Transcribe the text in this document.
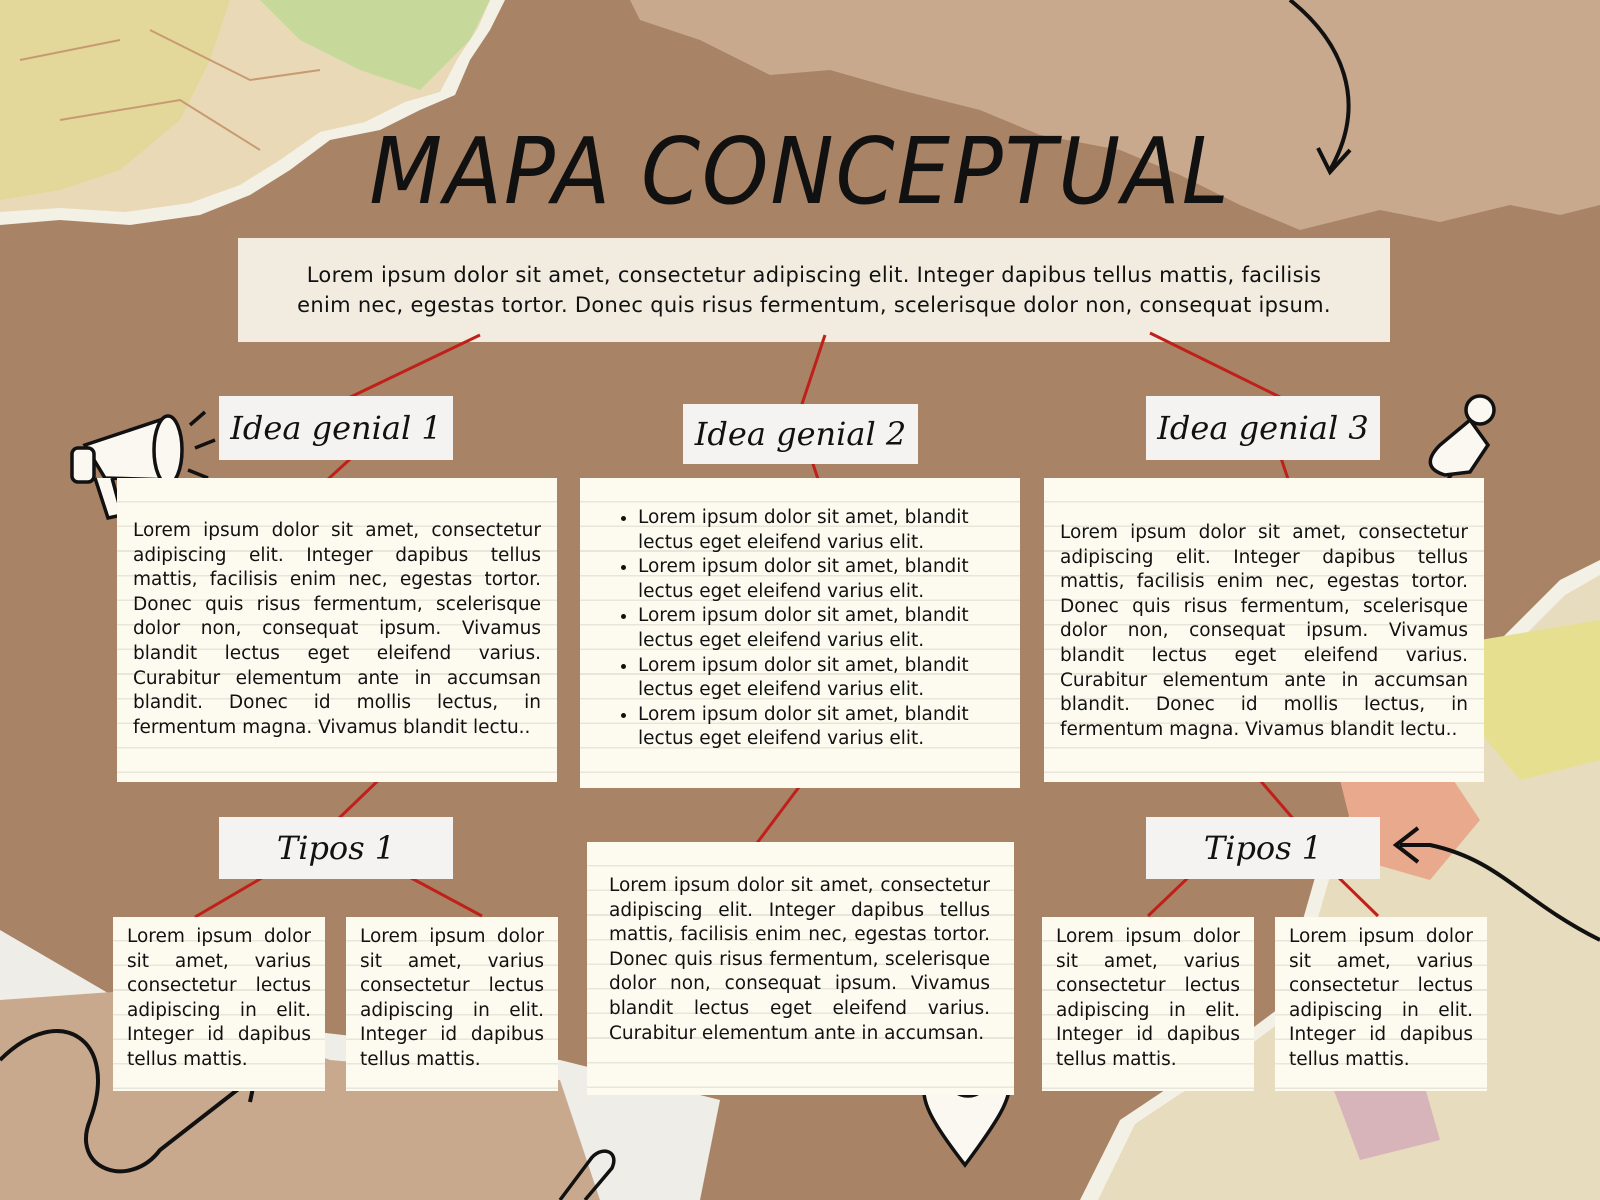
MAPA CONCEPTUAL
Lorem ipsum dolor sit amet, consectetur adipiscing elit. Integer dapibus tellus mattis, facilisis enim nec, egestas tortor. Donec quis risus fermentum, scelerisque dolor non, consequat ipsum.
Idea genial 1	Idea genial 2	Idea genial 3
Lorem ipsum dolor sit amet, consectetur adipiscing elit. Integer dapibus tellus mattis, facilisis enim nec, egestas tortor. Donec quis risus fermentum, scelerisque dolor non, consequat ipsum. Vivamus blandit lectus eget eleifend varius. Curabitur elementum ante in accumsan blandit. Donec id mollis lectus, in fermentum magna. Vivamus blandit lectu..
• Lorem ipsum dolor sit amet, blandit lectus eget eleifend varius elit.
• Lorem ipsum dolor sit amet, blandit lectus eget eleifend varius elit.
• Lorem ipsum dolor sit amet, blandit lectus eget eleifend varius elit.
• Lorem ipsum dolor sit amet, blandit lectus eget eleifend varius elit.
• Lorem ipsum dolor sit amet, blandit lectus eget eleifend varius elit.
Lorem ipsum dolor sit amet, consectetur adipiscing elit. Integer dapibus tellus mattis, facilisis enim nec, egestas tortor. Donec quis risus fermentum, scelerisque dolor non, consequat ipsum. Vivamus blandit lectus eget eleifend varius. Curabitur elementum ante in accumsan blandit. Donec id mollis lectus, in fermentum magna. Vivamus blandit lectu..
Tipos 1	Tipos 1
Lorem ipsum dolor sit amet, varius consectetur lectus adipiscing in elit. Integer id dapibus tellus mattis.
Lorem ipsum dolor sit amet, varius consectetur lectus adipiscing in elit. Integer id dapibus tellus mattis.
Lorem ipsum dolor sit amet, consectetur adipiscing elit. Integer dapibus tellus mattis, facilisis enim nec, egestas tortor. Donec quis risus fermentum, scelerisque dolor non, consequat ipsum. Vivamus blandit lectus eget eleifend varius. Curabitur elementum ante in accumsan.
Lorem ipsum dolor sit amet, varius consectetur lectus adipiscing in elit. Integer id dapibus tellus mattis.
Lorem ipsum dolor sit amet, varius consectetur lectus adipiscing in elit. Integer id dapibus tellus mattis.
